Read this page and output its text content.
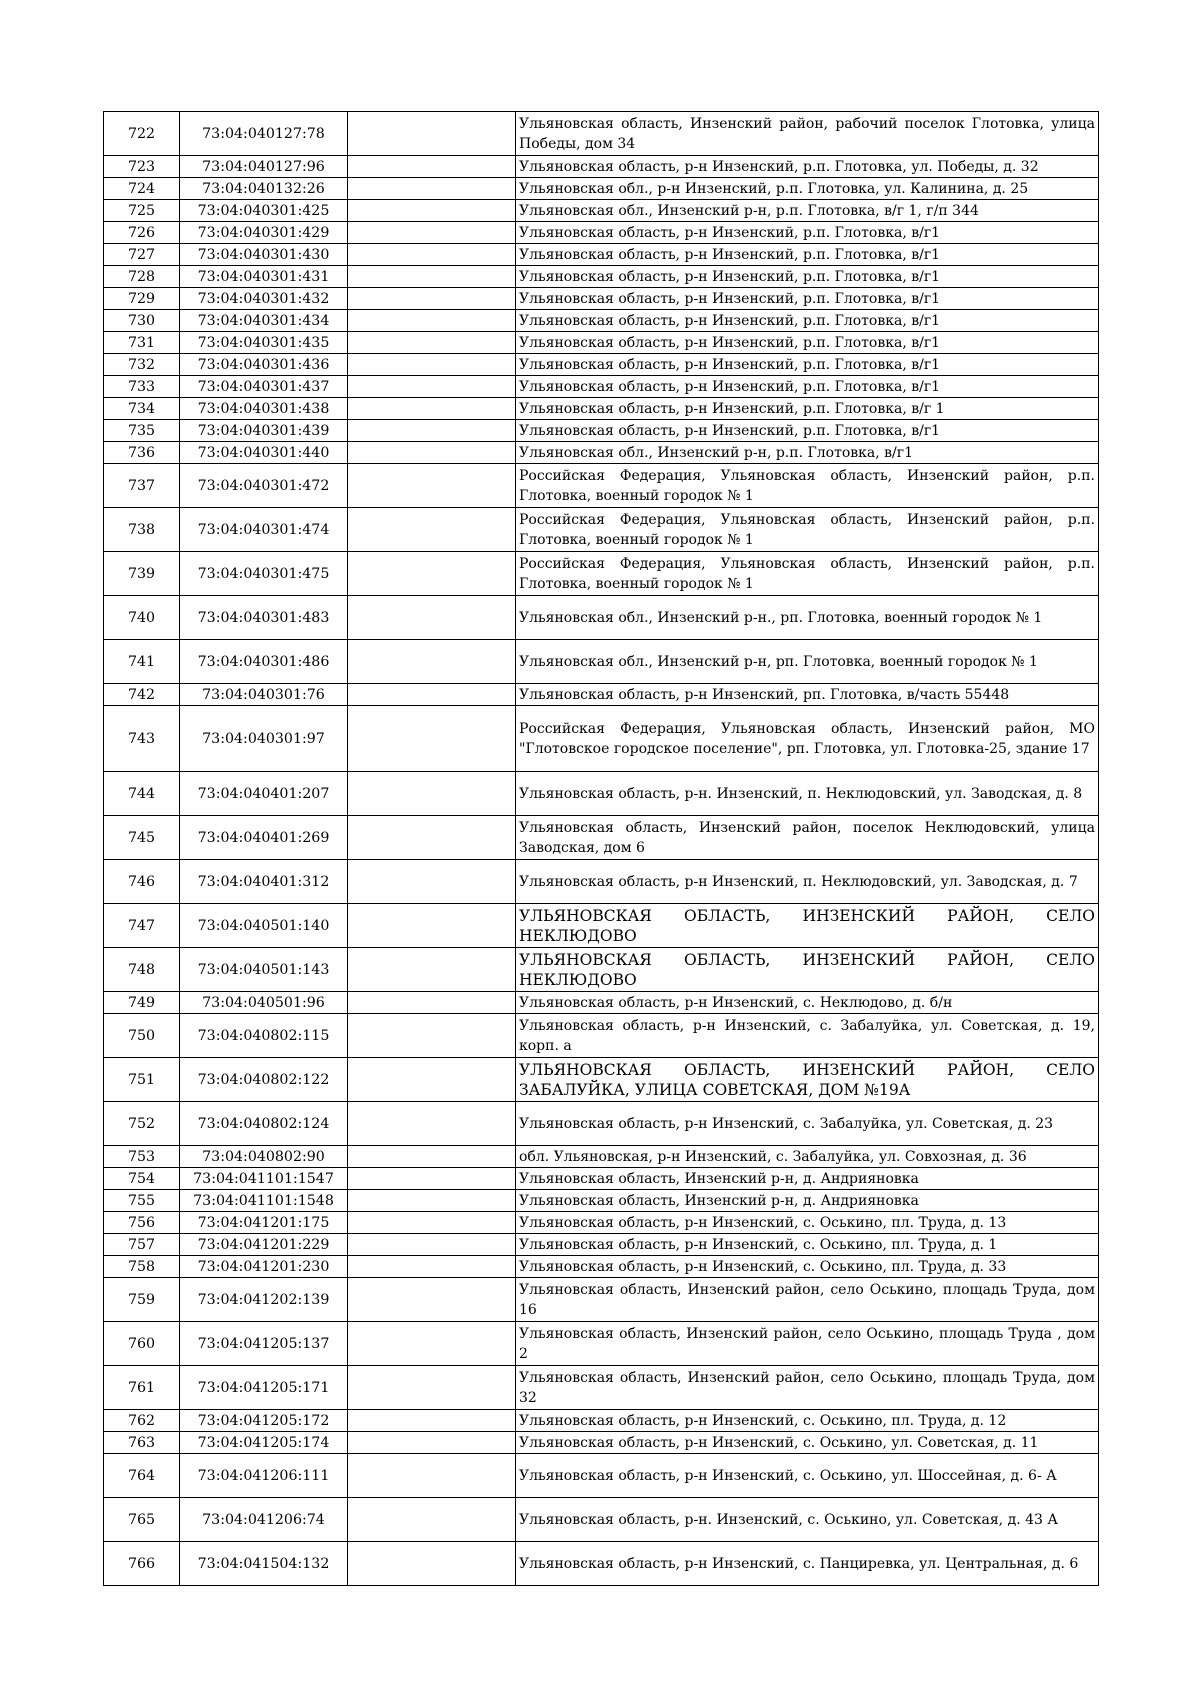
722	73:04:040127:78		Ульяновская область, Инзенский район, рабочий поселок Глотовка, улица Победы, дом 34
723	73:04:040127:96		Ульяновская область, р-н Инзенский, р.п. Глотовка, ул. Победы, д. 32
724	73:04:040132:26		Ульяновская обл., р-н Инзенский, р.п. Глотовка, ул. Калинина, д. 25
725	73:04:040301:425		Ульяновская обл., Инзенский р-н, р.п. Глотовка, в/г 1, г/п 344
726	73:04:040301:429		Ульяновская область, р-н Инзенский, р.п. Глотовка, в/г1
727	73:04:040301:430		Ульяновская область, р-н Инзенский, р.п. Глотовка, в/г1
728	73:04:040301:431		Ульяновская область, р-н Инзенский, р.п. Глотовка, в/г1
729	73:04:040301:432		Ульяновская область, р-н Инзенский, р.п. Глотовка, в/г1
730	73:04:040301:434		Ульяновская область, р-н Инзенский, р.п. Глотовка, в/г1
731	73:04:040301:435		Ульяновская область, р-н Инзенский, р.п. Глотовка, в/г1
732	73:04:040301:436		Ульяновская область, р-н Инзенский, р.п. Глотовка, в/г1
733	73:04:040301:437		Ульяновская область, р-н Инзенский, р.п. Глотовка, в/г1
734	73:04:040301:438		Ульяновская область, р-н Инзенский, р.п. Глотовка, в/г 1
735	73:04:040301:439		Ульяновская область, р-н Инзенский, р.п. Глотовка, в/г1
736	73:04:040301:440		Ульяновская обл., Инзенский р-н, р.п. Глотовка, в/г1
737	73:04:040301:472		Российская Федерация, Ульяновская область, Инзенский район, р.п. Глотовка, военный городок № 1
738	73:04:040301:474		Российская Федерация, Ульяновская область, Инзенский район, р.п. Глотовка, военный городок № 1
739	73:04:040301:475		Российская Федерация, Ульяновская область, Инзенский район, р.п. Глотовка, военный городок № 1
740	73:04:040301:483		Ульяновская обл., Инзенский р-н., рп. Глотовка, военный городок № 1
741	73:04:040301:486		Ульяновская обл., Инзенский р-н, рп. Глотовка, военный городок № 1
742	73:04:040301:76		Ульяновская область, р-н Инзенский, рп. Глотовка, в/часть 55448
743	73:04:040301:97		Российская Федерация, Ульяновская область, Инзенский район, МО "Глотовское городское поселение", рп. Глотовка, ул. Глотовка-25, здание 17
744	73:04:040401:207		Ульяновская область, р-н. Инзенский, п. Неклюдовский, ул. Заводская, д. 8
745	73:04:040401:269		Ульяновская область, Инзенский район, поселок Неклюдовский, улица Заводская, дом 6
746	73:04:040401:312		Ульяновская область, р-н Инзенский, п. Неклюдовский, ул. Заводская, д. 7
747	73:04:040501:140		УЛЬЯНОВСКАЯ ОБЛАСТЬ, ИНЗЕНСКИЙ РАЙОН, СЕЛО НЕКЛЮДОВО
748	73:04:040501:143		УЛЬЯНОВСКАЯ ОБЛАСТЬ, ИНЗЕНСКИЙ РАЙОН, СЕЛО НЕКЛЮДОВО
749	73:04:040501:96		Ульяновская область, р-н Инзенский, с. Неклюдово, д. б/н
750	73:04:040802:115		Ульяновская область, р-н Инзенский, с. Забалуйка, ул. Советская, д. 19, корп. а
751	73:04:040802:122		УЛЬЯНОВСКАЯ ОБЛАСТЬ, ИНЗЕНСКИЙ РАЙОН, СЕЛО ЗАБАЛУЙКА, УЛИЦА СОВЕТСКАЯ, ДОМ №19А
752	73:04:040802:124		Ульяновская область, р-н Инзенский, с. Забалуйка, ул. Советская, д. 23
753	73:04:040802:90		обл. Ульяновская, р-н Инзенский, с. Забалуйка, ул. Совхозная, д. 36
754	73:04:041101:1547		Ульяновская область, Инзенский р-н, д. Андрияновка
755	73:04:041101:1548		Ульяновская область, Инзенский р-н, д. Андрияновка
756	73:04:041201:175		Ульяновская область, р-н Инзенский, с. Оськино, пл. Труда, д. 13
757	73:04:041201:229		Ульяновская область, р-н Инзенский, с. Оськино, пл. Труда, д. 1
758	73:04:041201:230		Ульяновская область, р-н Инзенский, с. Оськино, пл. Труда, д. 33
759	73:04:041202:139		Ульяновская область, Инзенский район, село Оськино, площадь Труда, дом 16
760	73:04:041205:137		Ульяновская область, Инзенский район, село Оськино, площадь Труда , дом 2
761	73:04:041205:171		Ульяновская область, Инзенский район, село Оськино, площадь Труда, дом 32
762	73:04:041205:172		Ульяновская область, р-н Инзенский, с. Оськино, пл. Труда, д. 12
763	73:04:041205:174		Ульяновская область, р-н Инзенский, с. Оськино, ул. Советская, д. 11
764	73:04:041206:111		Ульяновская область, р-н Инзенский, с. Оськино, ул. Шоссейная, д. 6- А
765	73:04:041206:74		Ульяновская область, р-н. Инзенский, с. Оськино, ул. Советская, д. 43 А
766	73:04:041504:132		Ульяновская область, р-н Инзенский, с. Панциревка, ул. Центральная, д. 6
